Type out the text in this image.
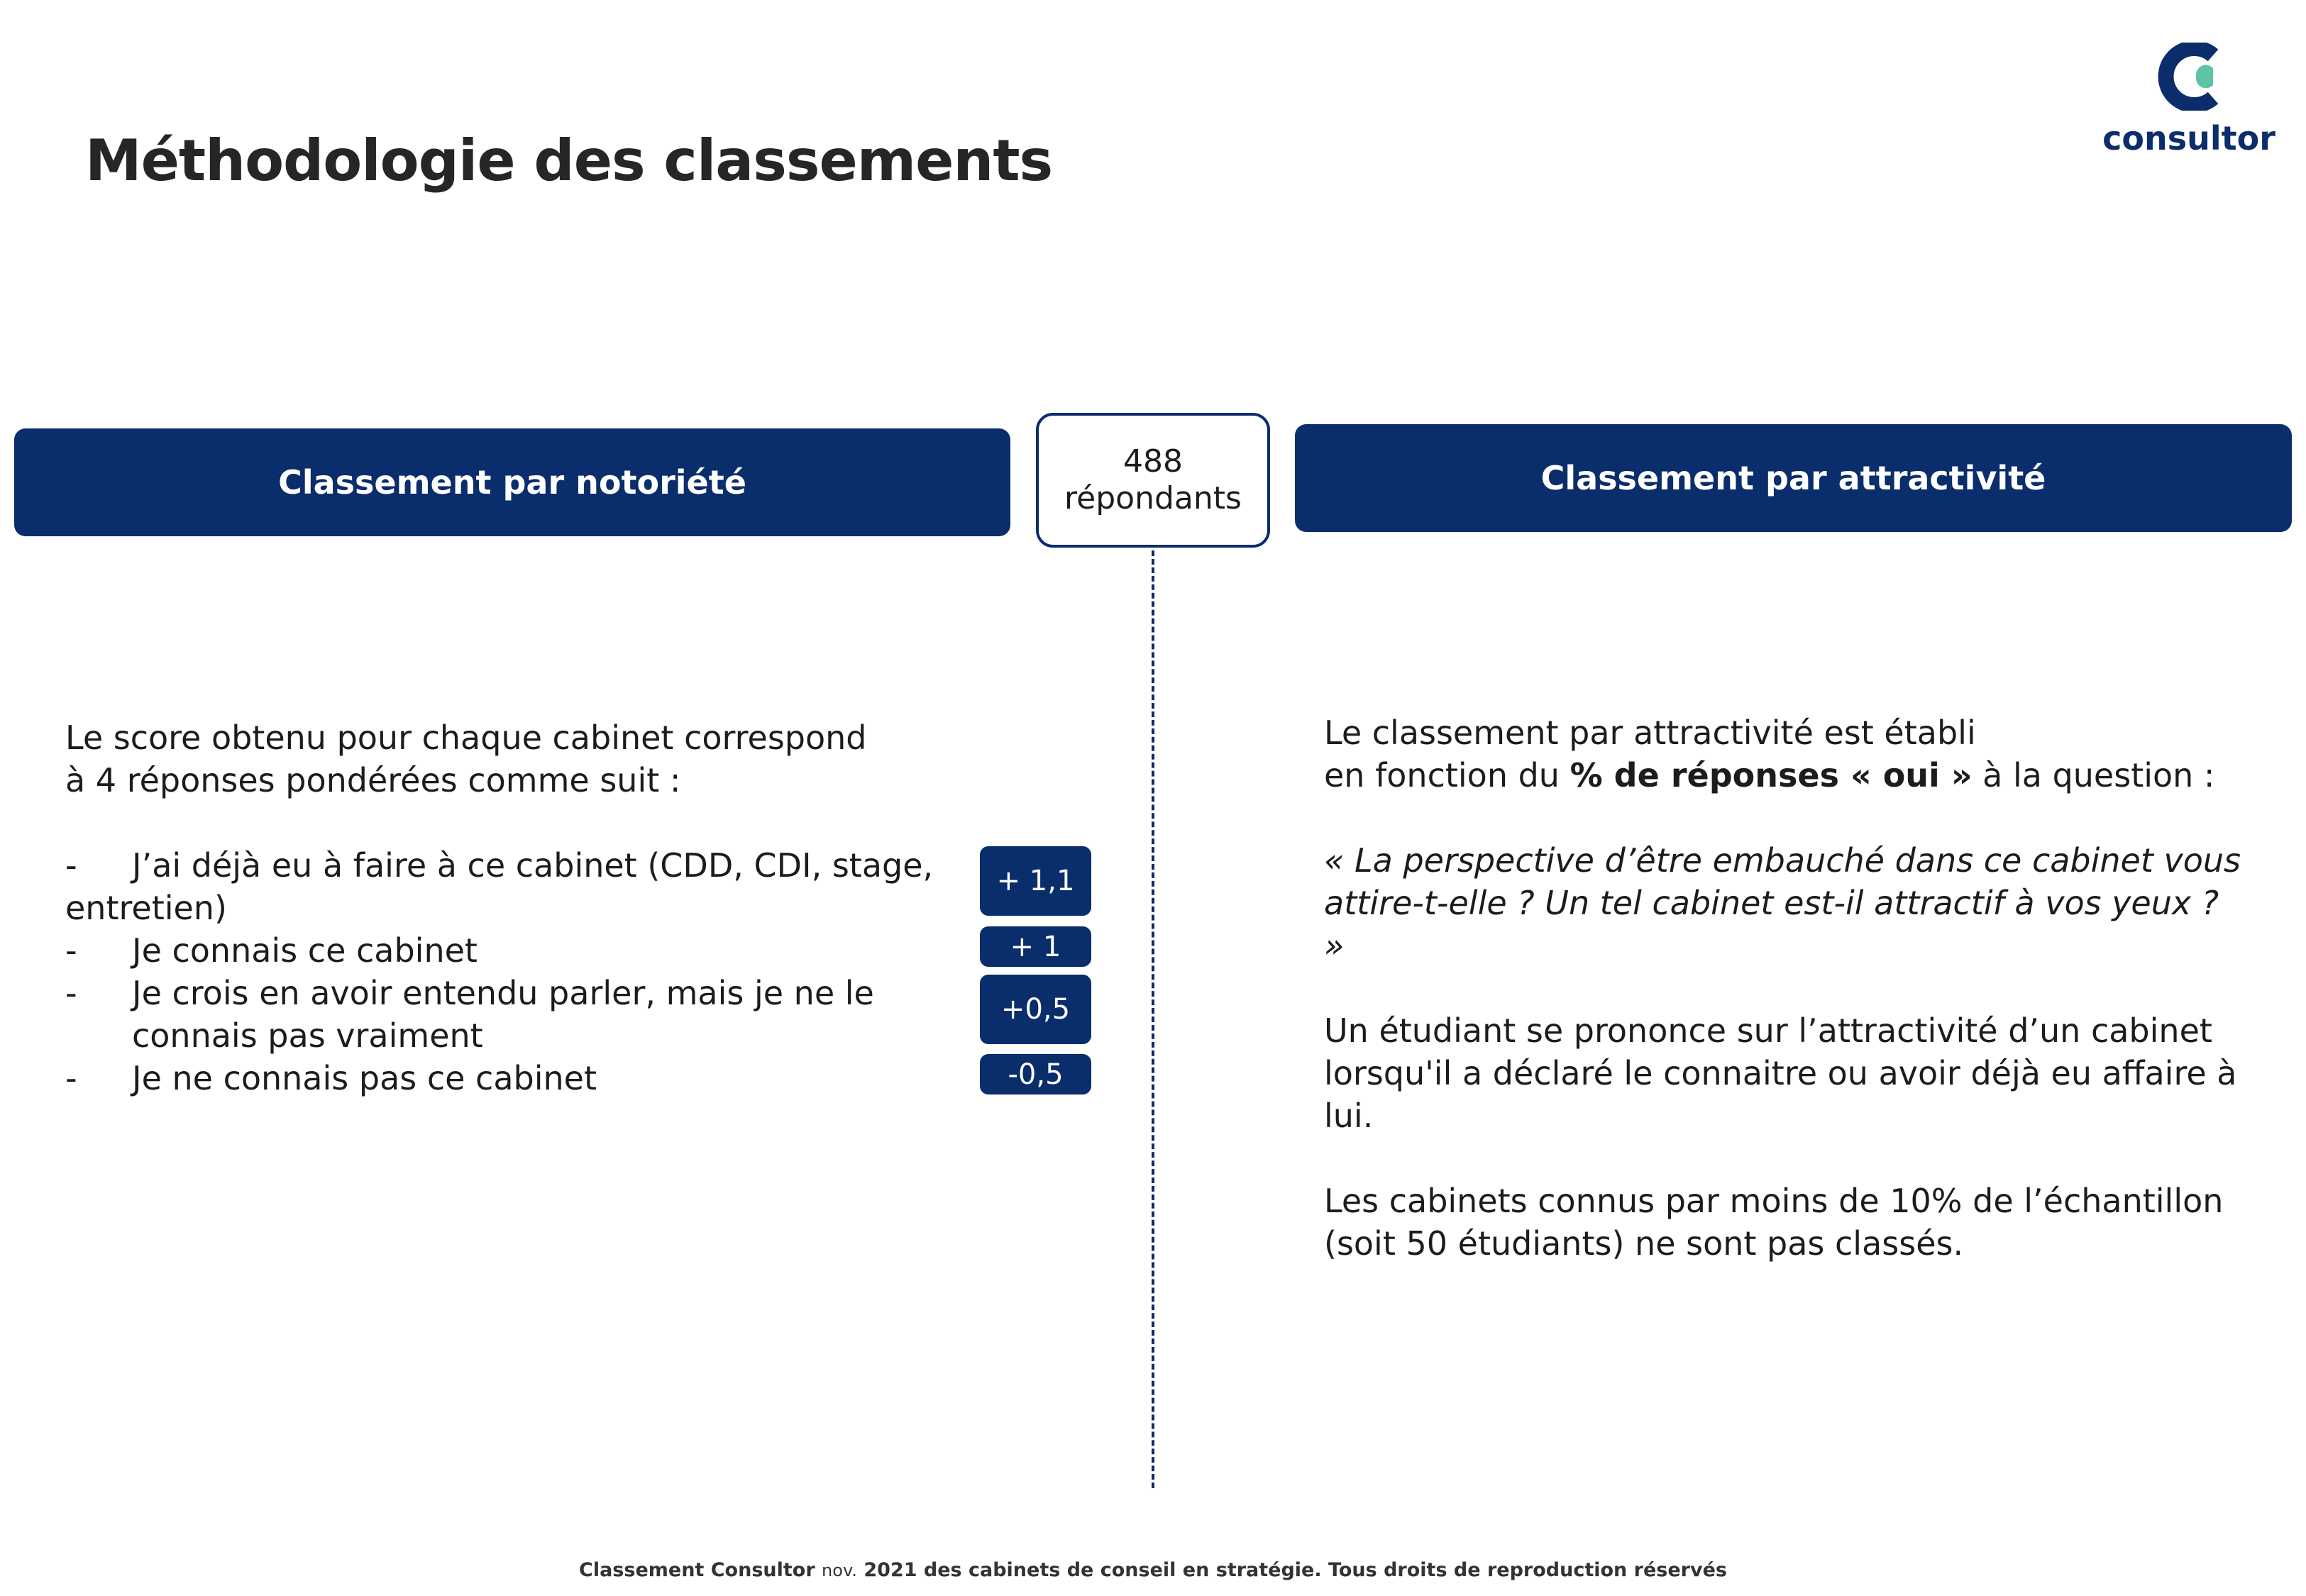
Méthodologie des classements	consultor
Classement par notoriété	Classement par attractivité
488
répondants

Le score obtenu pour chaque cabinet correspond

à 4 réponses pondérées comme suit :

- J’ai déjà eu à faire à ce cabinet (CDD, CDI, stage, entretien)
- Je connais ce cabinet
- Je crois en avoir entendu parler, mais je ne le connais pas vraiment
- Je ne connais pas ce cabinet
+ 1,1
+ 1
+0,5
-0,5

Le classement par attractivité est établi
en fonction du % de réponses « oui » à la question :

« La perspective d’être embauché dans ce cabinet vous attire-t-elle ? Un tel cabinet est-il attractif à vos yeux ? »

Un étudiant se prononce sur l’attractivité d’un cabinet lorsqu'il a déclaré le connaitre ou avoir déjà eu affaire à lui.

Les cabinets connus par moins de 10% de l’échantillon (soit 50 étudiants) ne sont pas classés.

Classement Consultor nov. 2021 des cabinets de conseil en stratégie. Tous droits de reproduction réservés
